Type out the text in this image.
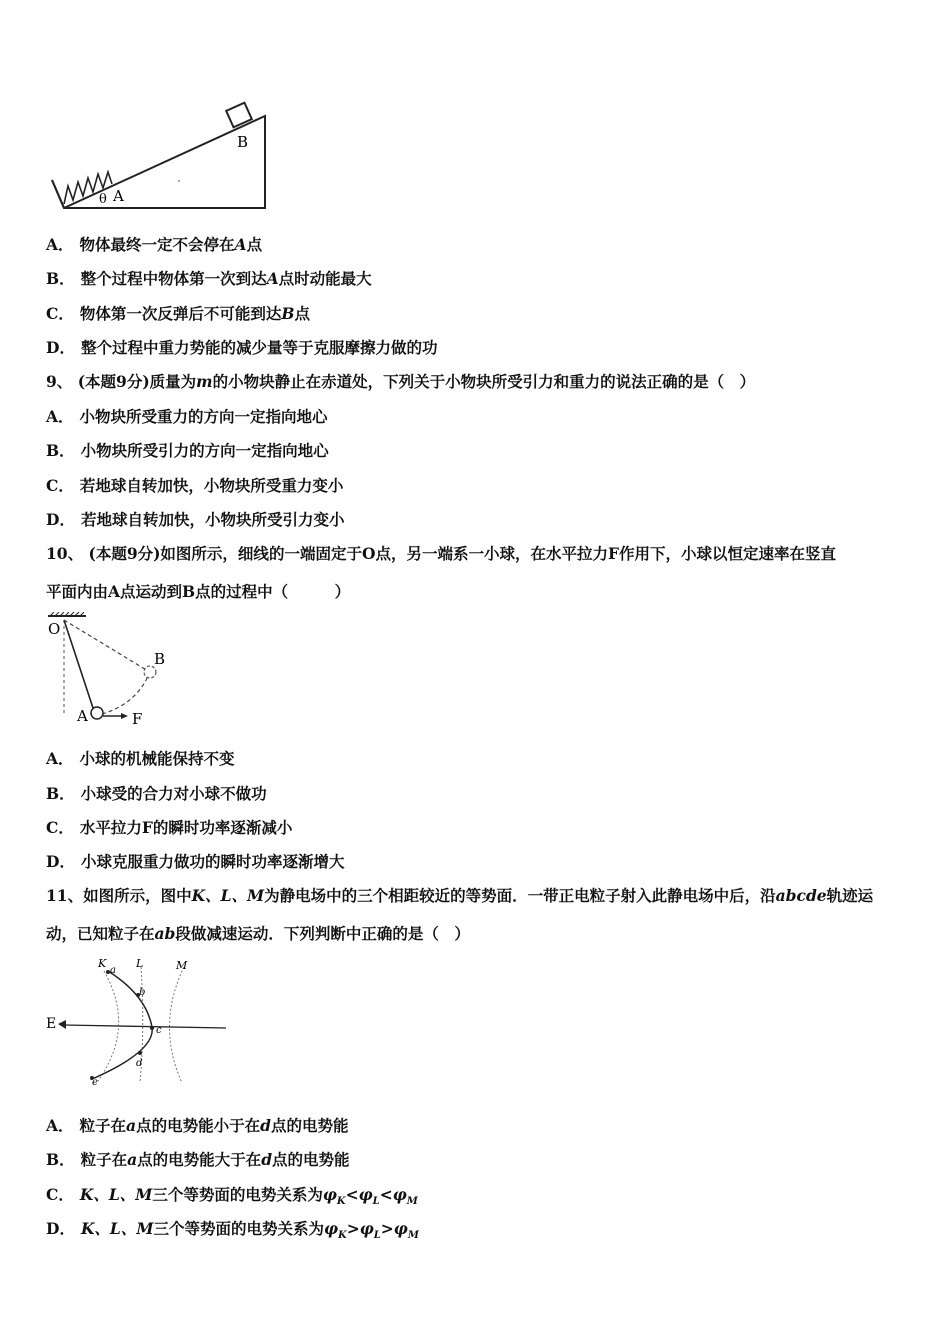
B
A
θ
A． 物体最终一定不会停在A点
B． 整个过程中物体第一次到达A点时动能最大
C． 物体第一次反弹后不可能到达B点
D． 整个过程中重力势能的减少量等于克服摩擦力做的功
9、 (本题9分)质量为m的小物块静止在赤道处，下列关于小物块所受引力和重力的说法正确的是（　）
A． 小物块所受重力的方向一定指向地心
B． 小物块所受引力的方向一定指向地心
C． 若地球自转加快，小物块所受重力变小
D． 若地球自转加快，小物块所受引力变小
10、 (本题9分)如图所示，细线的一端固定于O点，另一端系一小球，在水平拉力F作用下，小球以恒定速率在竖直
平面内由A点运动到B点的过程中（　　　）
O
B
A	F
A． 小球的机械能保持不变
B． 小球受的合力对小球不做功
C． 水平拉力F的瞬时功率逐渐减小
D． 小球克服重力做功的瞬时功率逐渐增大
11、如图所示，图中K、L、M为静电场中的三个相距较近的等势面．一带正电粒子射入此静电场中后，沿abcde轨迹运
动，已知粒子在ab段做减速运动．下列判断中正确的是（　）
K	L	M
E
a
b
c
d
e
A． 粒子在a点的电势能小于在d点的电势能
B． 粒子在a点的电势能大于在d点的电势能
C． K、L、M三个等势面的电势关系为$\varphi_K<\varphi_L<\varphi_M$
D． K、L、M三个等势面的电势关系为$\varphi_K>\varphi_L>\varphi_M$
